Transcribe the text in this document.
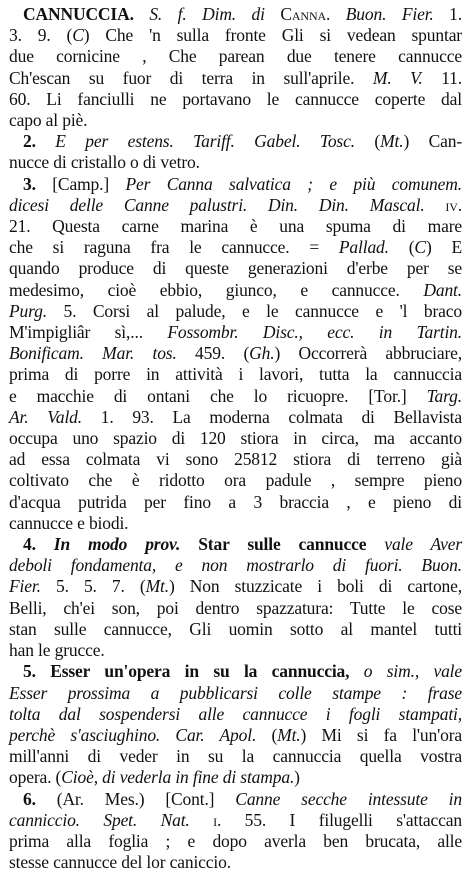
CANNUCCIA. S. f. Dim. di Canna. Buon. Fier. 1.

3. 9. (C) Che 'n sulla fronte Gli si vedean spuntar

due cornicine , Che parean due tenere cannucce

Ch'escan su fuor di terra in sull'aprile. M. V. 11.

60. Li fanciulli ne portavano le cannucce coperte dal

capo al piè.

2. E per estens. Tariff. Gabel. Tosc. (Mt.) Can-

nucce di cristallo o di vetro.

3. [Camp.] Per Canna salvatica ; e più comunem.

dicesi delle Canne palustri. Din. Din. Mascal. iv.

21. Questa carne marina è una spuma di mare

che si raguna fra le cannucce. = Pallad. (C) E

quando produce di queste generazioni d'erbe per se

medesimo, cioè ebbio, giunco, e cannucce. Dant.

Purg. 5. Corsi al palude, e le cannucce e 'l braco

M'impigliâr sì,... Fossombr. Disc., ecc. in Tartin.

Bonificam. Mar. tos. 459. (Gh.) Occorrerà abbruciare,

prima di porre in attività i lavori, tutta la cannuccia

e macchie di ontani che lo ricuopre. [Tor.] Targ.

Ar. Vald. 1. 93. La moderna colmata di Bellavista

occupa uno spazio di 120 stiora in circa, ma accanto

ad essa colmata vi sono 25812 stiora di terreno già

coltivato che è ridotto ora padule , sempre pieno

d'acqua putrida per fino a 3 braccia , e pieno di

cannucce e biodi.

4. In modo prov. Star sulle cannucce vale Aver

deboli fondamenta, e non mostrarlo di fuori. Buon.

Fier. 5. 5. 7. (Mt.) Non stuzzicate i boli di cartone,

Belli, ch'ei son, poi dentro spazzatura: Tutte le cose

stan sulle cannucce, Gli uomin sotto al mantel tutti

han le grucce.

5. Esser un'opera in su la cannuccia, o sim., vale

Esser prossima a pubblicarsi colle stampe : frase

tolta dal sospendersi alle cannucce i fogli stampati,

perchè s'asciughino. Car. Apol. (Mt.) Mi si fa l'un'ora

mill'anni di veder in su la cannuccia quella vostra

opera. (Cioè, di vederla in fine di stampa.)

6. (Ar. Mes.) [Cont.] Canne secche intessute in

canniccio. Spet. Nat. i. 55. I filugelli s'attaccan

prima alla foglia ; e dopo averla ben brucata, alle

stesse cannucce del lor caniccio.
